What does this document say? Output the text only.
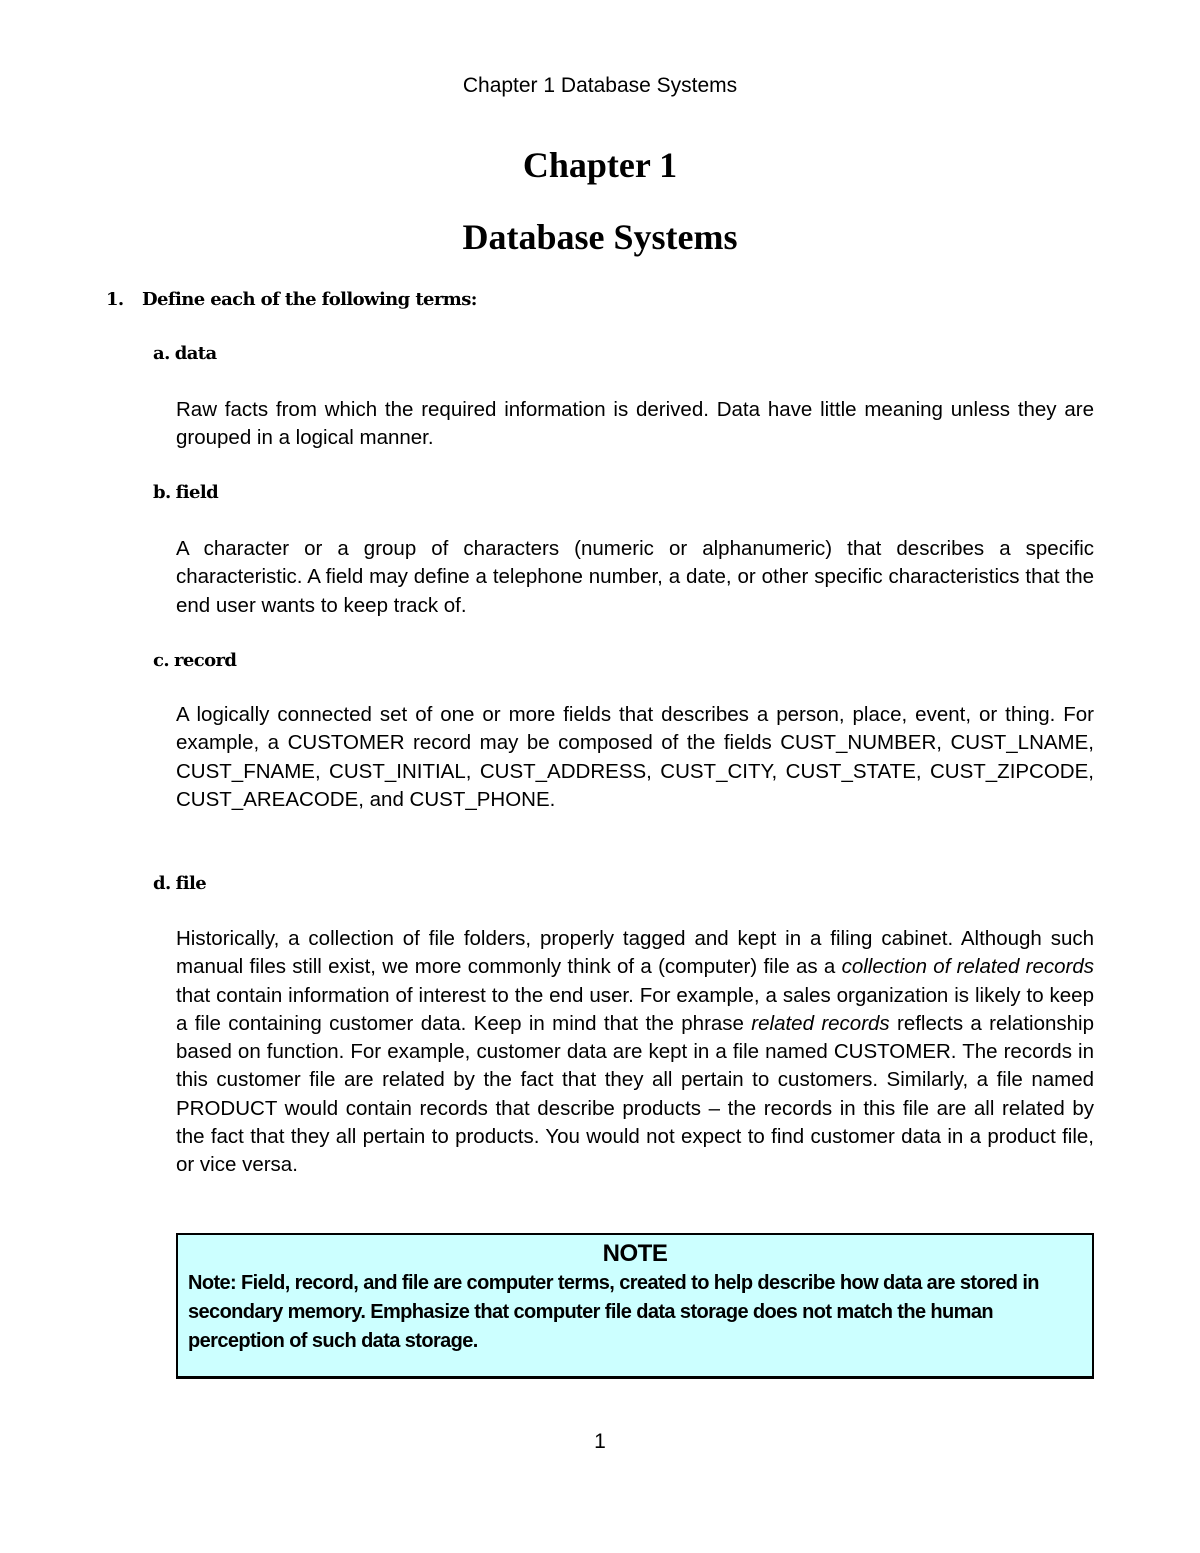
Chapter 1 Database Systems
Chapter 1
Database Systems
1. Define each of the following terms:
a. data
Raw facts from which the required information is derived. Data have little meaning unless they are grouped in a logical manner.
b. field
A character or a group of characters (numeric or alphanumeric) that describes a specific characteristic. A field may define a telephone number, a date, or other specific characteristics that the end user wants to keep track of.
c. record
A logically connected set of one or more fields that describes a person, place, event, or thing. For example, a CUSTOMER record may be composed of the fields CUST_NUMBER, CUST_LNAME, CUST_FNAME, CUST_INITIAL, CUST_ADDRESS, CUST_CITY, CUST_STATE, CUST_ZIPCODE, CUST_AREACODE, and CUST_PHONE.
d. file
Historically, a collection of file folders, properly tagged and kept in a filing cabinet. Although such manual files still exist, we more commonly think of a (computer) file as a collection of related records that contain information of interest to the end user. For example, a sales organization is likely to keep a file containing customer data. Keep in mind that the phrase related records reflects a relationship based on function. For example, customer data are kept in a file named CUSTOMER. The records in this customer file are related by the fact that they all pertain to customers. Similarly, a file named PRODUCT would contain records that describe products – the records in this file are all related by the fact that they all pertain to products. You would not expect to find customer data in a product file, or vice versa.
NOTE
Note: Field, record, and file are computer terms, created to help describe how data are stored in secondary memory. Emphasize that computer file data storage does not match the human perception of such data storage.
1
